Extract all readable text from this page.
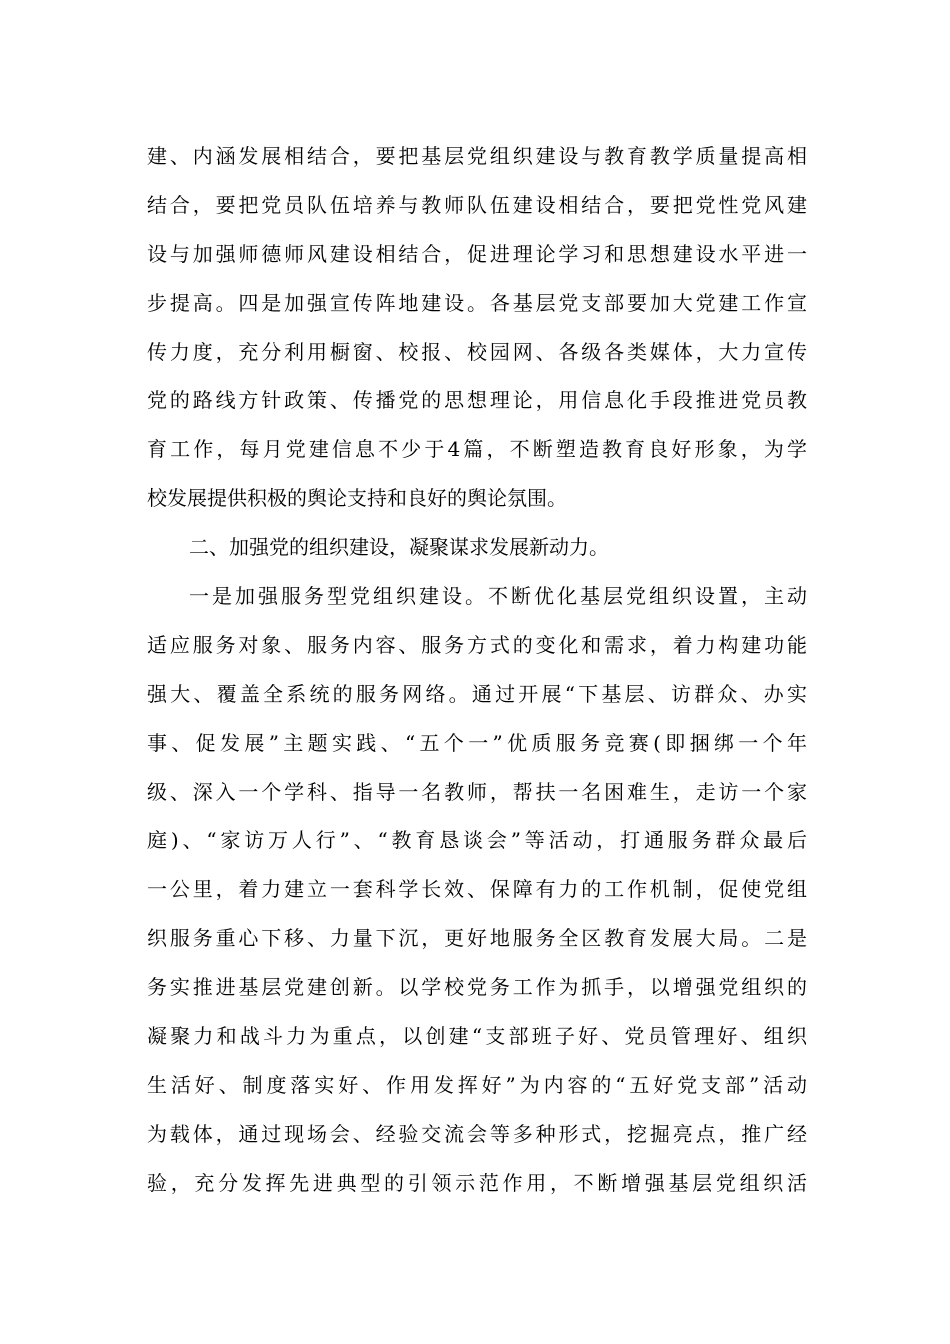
建、内涵发展相结合，要把基层党组织建设与教育教学质量提高相
结合，要把党员队伍培养与教师队伍建设相结合，要把党性党风建
设与加强师德师风建设相结合，促进理论学习和思想建设水平进一
步提高。四是加强宣传阵地建设。各基层党支部要加大党建工作宣
传力度，充分利用橱窗、校报、校园网、各级各类媒体，大力宣传
党的路线方针政策、传播党的思想理论，用信息化手段推进党员教
育工作，每月党建信息不少于4篇，不断塑造教育良好形象，为学
校发展提供积极的舆论支持和良好的舆论氛围。
二、加强党的组织建设，凝聚谋求发展新动力。
一是加强服务型党组织建设。不断优化基层党组织设置，主动
适应服务对象、服务内容、服务方式的变化和需求，着力构建功能
强大、覆盖全系统的服务网络。通过开展“下基层、访群众、办实
事、促发展”主题实践、“五个一”优质服务竞赛(即捆绑一个年
级、深入一个学科、指导一名教师，帮扶一名困难生，走访一个家
庭)、“家访万人行”、“教育恳谈会”等活动，打通服务群众最后
一公里，着力建立一套科学长效、保障有力的工作机制，促使党组
织服务重心下移、力量下沉，更好地服务全区教育发展大局。二是
务实推进基层党建创新。以学校党务工作为抓手，以增强党组织的
凝聚力和战斗力为重点，以创建“支部班子好、党员管理好、组织
生活好、制度落实好、作用发挥好”为内容的“五好党支部”活动
为载体，通过现场会、经验交流会等多种形式，挖掘亮点，推广经
验，充分发挥先进典型的引领示范作用，不断增强基层党组织活
